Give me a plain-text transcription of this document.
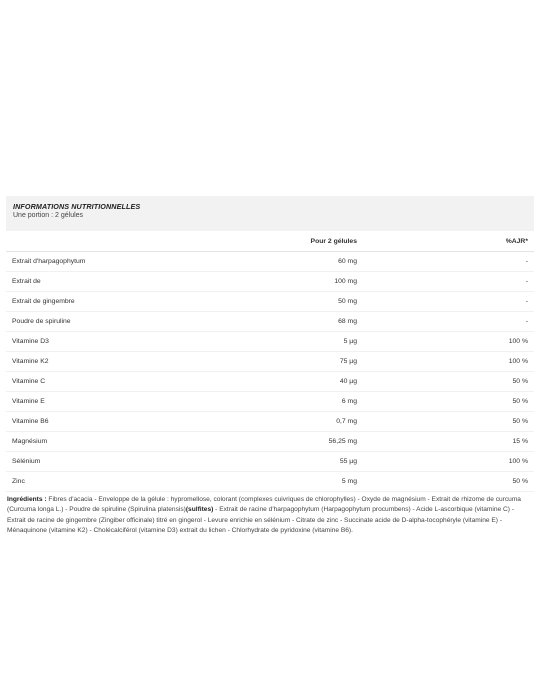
INFORMATIONS NUTRITIONNELLES
Une portion : 2 gélules
	Pour 2 gélules	%AJR*
Extrait d'harpagophytum	60 mg	-
Extrait de	100 mg	-
Extrait de gingembre	50 mg	-
Poudre de spiruline	68 mg	-
Vitamine D3	5 µg	100 %
Vitamine K2	75 µg	100 %
Vitamine C	40 µg	50 %
Vitamine E	6 mg	50 %
Vitamine B6	0,7 mg	50 %
Magnésium	56,25 mg	15 %
Sélénium	55 µg	100 %
Zinc	5 mg	50 %
Ingrédients : Fibres d'acacia - Enveloppe de la gélule : hypromellose, colorant (complexes cuivriques de chlorophylles) - Oxyde de magnésium - Extrait de rhizome de curcuma (Curcuma longa L.) - Poudre de spiruline (Spirulina platensis)(sulfites) - Extrait de racine d'harpagophytum (Harpagophytum procumbens) - Acide L-ascorbique (vitamine C) - Extrait de racine de gingembre (Zingiber officinale) titré en gingerol - Levure enrichie en sélénium - Citrate de zinc - Succinate acide de D-alpha-tocophéryle (vitamine E) - Ménaquinone (vitamine K2) - Cholécalciférol (vitamine D3) extrait du lichen - Chlorhydrate de pyridoxine (vitamine B6).
